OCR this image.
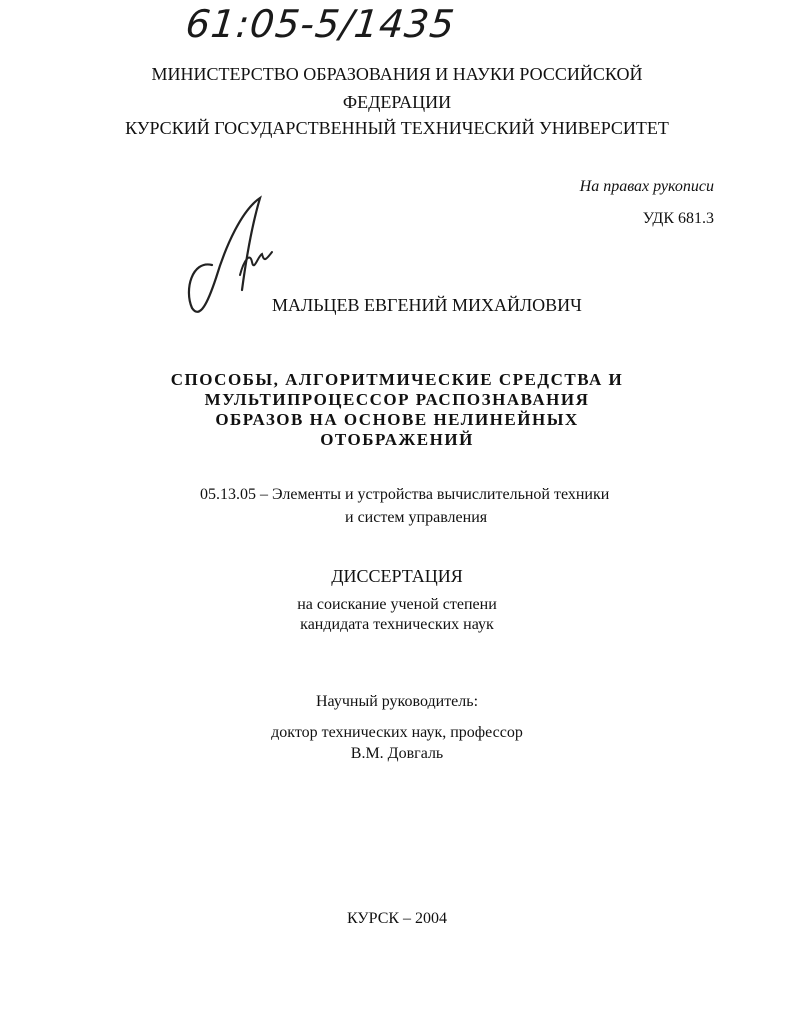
61:05-5/1435
МИНИСТЕРСТВО ОБРАЗОВАНИЯ И НАУКИ РОССИЙСКОЙ
ФЕДЕРАЦИИ
КУРСКИЙ ГОСУДАРСТВЕННЫЙ ТЕХНИЧЕСКИЙ УНИВЕРСИТЕТ
На правах рукописи
УДК 681.3
МАЛЬЦЕВ ЕВГЕНИЙ МИХАЙЛОВИЧ
СПОСОБЫ, АЛГОРИТМИЧЕСКИЕ СРЕДСТВА И
МУЛЬТИПРОЦЕССОР РАСПОЗНАВАНИЯ
ОБРАЗОВ НА ОСНОВЕ НЕЛИНЕЙНЫХ
ОТОБРАЖЕНИЙ
05.13.05 – Элементы и устройства вычислительной техники
и систем управления
ДИССЕРТАЦИЯ
на соискание ученой степени
кандидата технических наук
Научный руководитель:
доктор технических наук, профессор
В.М. Довгаль
КУРСК – 2004
